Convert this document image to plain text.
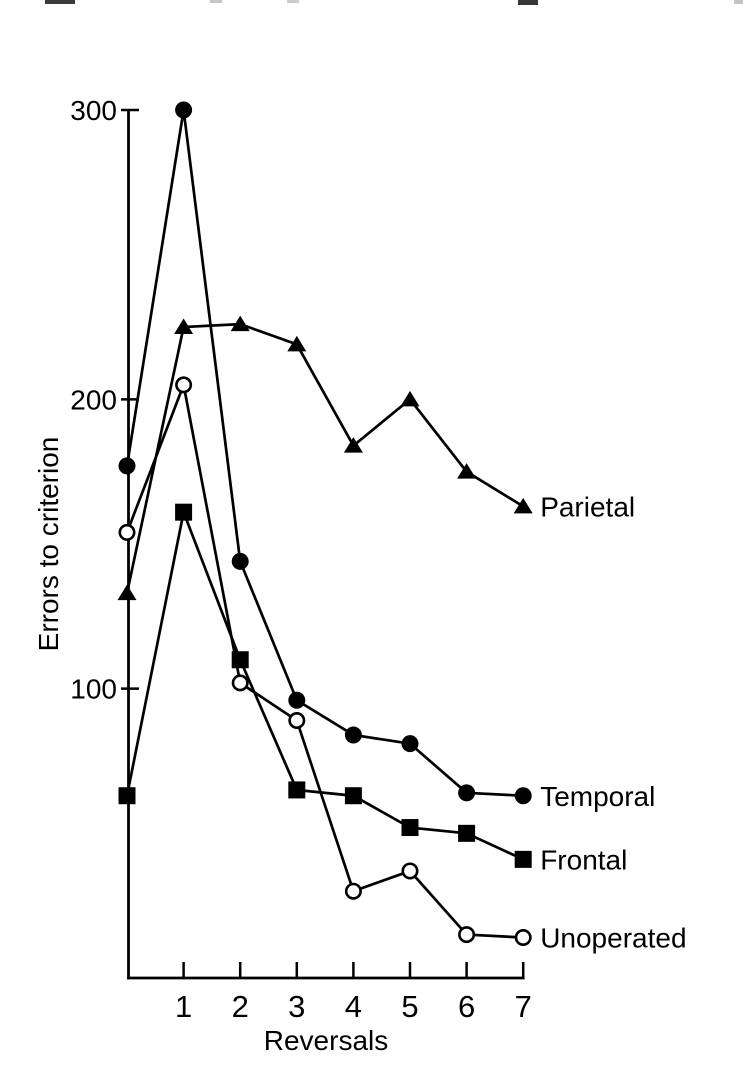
100
200
300
1 2 3 4 5 6 7
Reversals
Errors to criterion	Parietal
Temporal
Frontal
Unoperated
